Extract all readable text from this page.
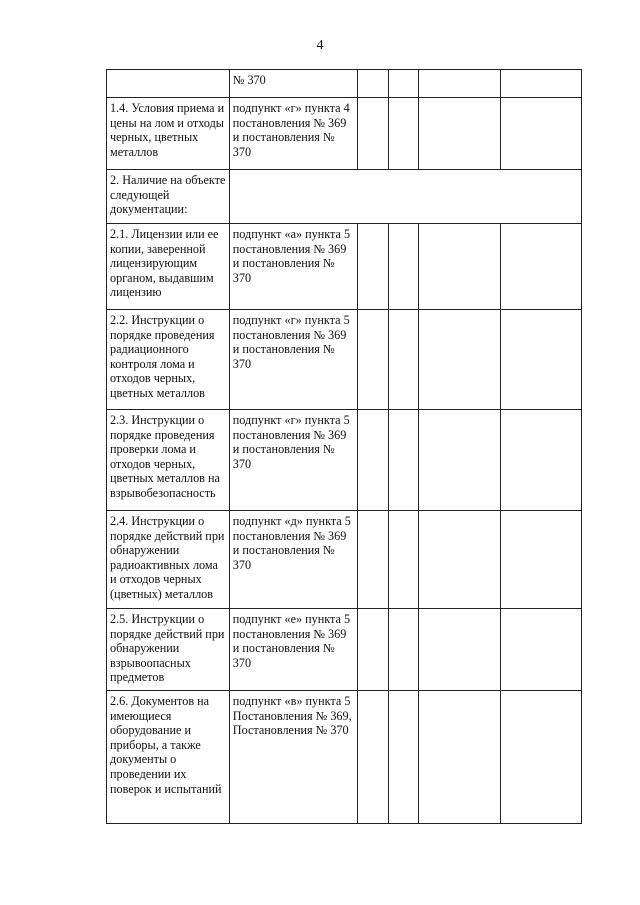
4
	№ 370				
1.4. Условия приема и цены на лом и отходы черных, цветных металлов	подпункт «г» пункта 4 постановления № 369 и постановления № 370				
2. Наличие на объекте следующей документации:					
2.1. Лицензии или ее копии, заверенной лицензирующим органом, выдавшим лицензию	подпункт «а» пункта 5 постановления № 369 и постановления № 370				
2.2. Инструкции о порядке проведения радиационного контроля лома и отходов черных, цветных металлов	подпункт «г» пункта 5 постановления № 369 и постановления № 370				
2.3. Инструкции о порядке проведения проверки лома и отходов черных, цветных металлов на взрывобезопасность	подпункт «г» пункта 5 постановления № 369 и постановления № 370				
2.4. Инструкции о порядке действий при обнаружении радиоактивных лома и отходов черных (цветных) металлов	подпункт «д» пункта 5 постановления № 369 и постановления № 370				
2.5. Инструкции о порядке действий при обнаружении взрывоопасных предметов	подпункт «е» пункта 5 постановления № 369 и постановления № 370				
2.6. Документов на имеющиеся оборудование и приборы, а также документы о проведении их поверок и испытаний	подпункт «в» пункта 5 Постановления № 369, Постановления № 370				
